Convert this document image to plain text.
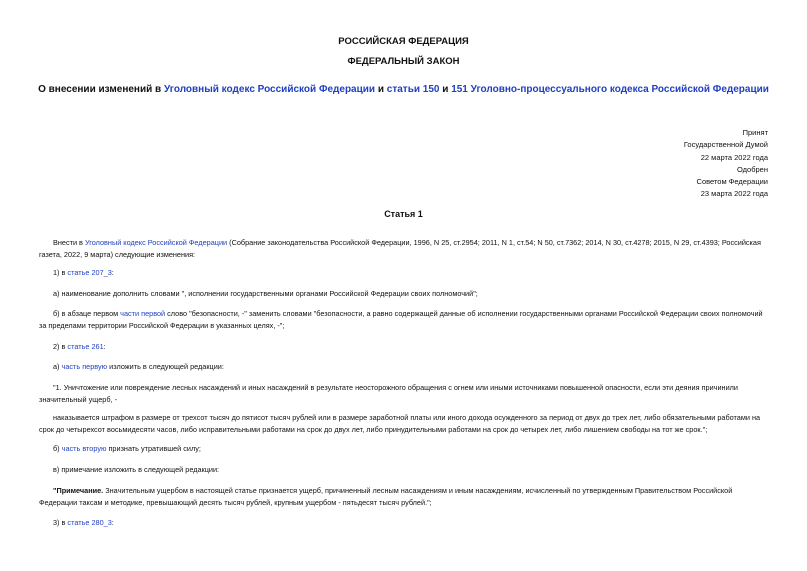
РОССИЙСКАЯ ФЕДЕРАЦИЯ
ФЕДЕРАЛЬНЫЙ ЗАКОН
О внесении изменений в Уголовный кодекс Российской Федерации и статьи 150 и 151 Уголовно-процессуального кодекса Российской Федерации
Принят
Государственной Думой
22 марта 2022 года
Одобрен
Советом Федерации
23 марта 2022 года
Статья 1
Внести в Уголовный кодекс Российской Федерации (Собрание законодательства Российской Федерации, 1996, N 25, ст.2954; 2011, N 1, ст.54; N 50, ст.7362; 2014, N 30, ст.4278; 2015, N 29, ст.4393; Российская газета, 2022, 9 марта) следующие изменения:
1) в статье 207_3:
а) наименование дополнить словами ", исполнении государственными органами Российской Федерации своих полномочий";
б) в абзаце первом части первой слово "безопасности, -" заменить словами "безопасности, а равно содержащей данные об исполнении государственными органами Российской Федерации своих полномочий за пределами территории Российской Федерации в указанных целях, -";
2) в статье 261:
а) часть первую изложить в следующей редакции:
"1. Уничтожение или повреждение лесных насаждений и иных насаждений в результате неосторожного обращения с огнем или иными источниками повышенной опасности, если эти деяния причинили значительный ущерб, -
наказывается штрафом в размере от трехсот тысяч до пятисот тысяч рублей или в размере заработной платы или иного дохода осужденного за период от двух до трех лет, либо обязательными работами на срок до четырехсот восьмидесяти часов, либо исправительными работами на срок до двух лет, либо принудительными работами на срок до четырех лет, либо лишением свободы на тот же срок.";
б) часть вторую признать утратившей силу;
в) примечание изложить в следующей редакции:
"Примечание. Значительным ущербом в настоящей статье признается ущерб, причиненный лесным насаждениям и иным насаждениям, исчисленный по утвержденным Правительством Российской Федерации таксам и методике, превышающий десять тысяч рублей, крупным ущербом - пятьдесят тысяч рублей.";
3) в статье 280_3:
